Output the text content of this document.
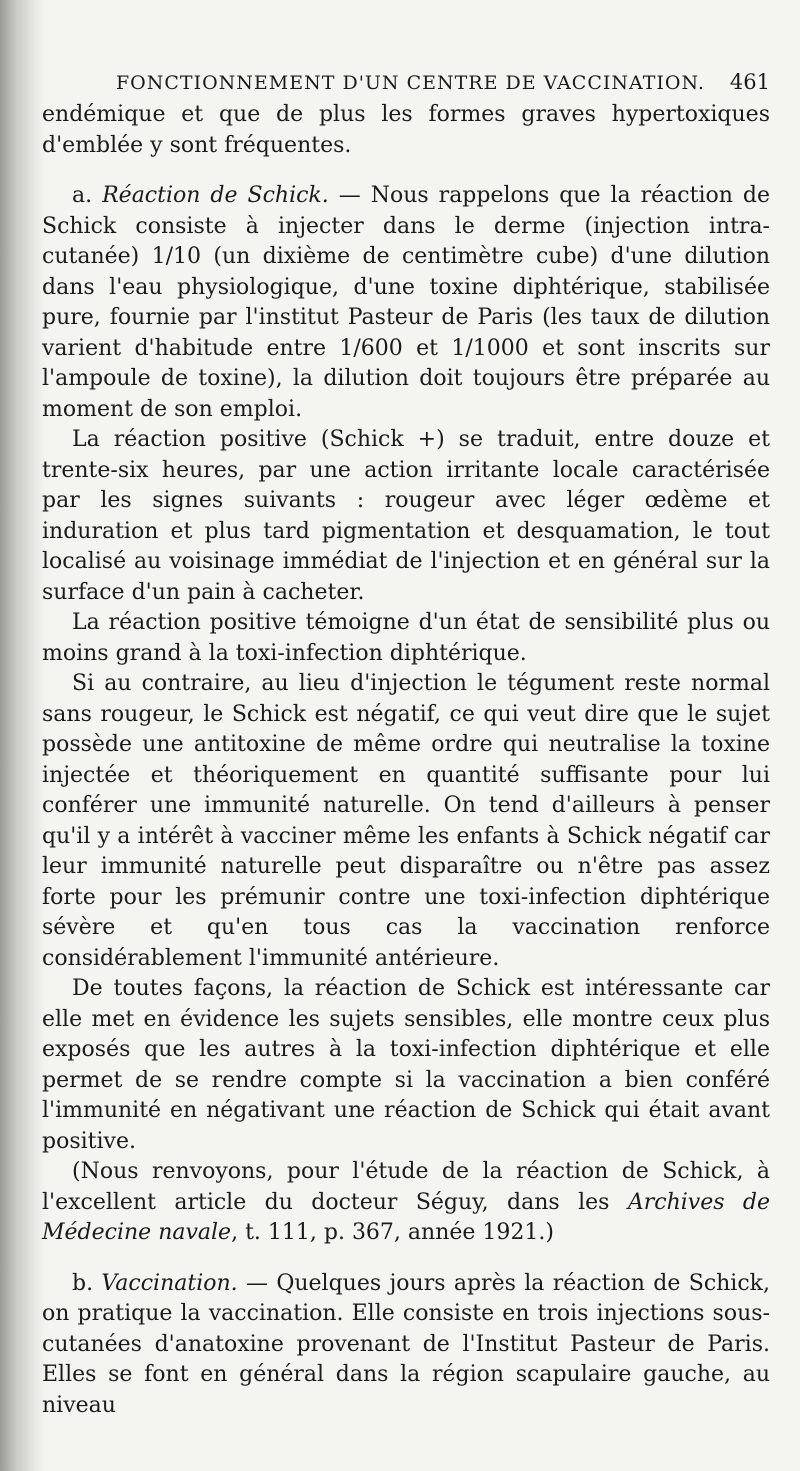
FONCTIONNEMENT D'UN CENTRE DE VACCINATION. 461

endémique et que de plus les formes graves hypertoxiques d'emblée y sont fréquentes.

a. Réaction de Schick. — Nous rappelons que la réaction de Schick consiste à injecter dans le derme (injection intra-cutanée) 1/10 (un dixième de centimètre cube) d'une dilution dans l'eau physiologique, d'une toxine diphtérique, stabilisée pure, fournie par l'institut Pasteur de Paris (les taux de dilution varient d'habitude entre 1/600 et 1/1000 et sont inscrits sur l'ampoule de toxine), la dilution doit toujours être préparée au moment de son emploi.

La réaction positive (Schick +) se traduit, entre douze et trente-six heures, par une action irritante locale caractérisée par les signes suivants : rougeur avec léger œdème et induration et plus tard pigmentation et desquamation, le tout localisé au voisinage immédiat de l'injection et en général sur la surface d'un pain à cacheter.

La réaction positive témoigne d'un état de sensibilité plus ou moins grand à la toxi-infection diphtérique.

Si au contraire, au lieu d'injection le tégument reste normal sans rougeur, le Schick est négatif, ce qui veut dire que le sujet possède une antitoxine de même ordre qui neutralise la toxine injectée et théoriquement en quantité suffisante pour lui conférer une immunité naturelle. On tend d'ailleurs à penser qu'il y a intérêt à vacciner même les enfants à Schick négatif car leur immunité naturelle peut disparaître ou n'être pas assez forte pour les prémunir contre une toxi-infection diphtérique sévère et qu'en tous cas la vaccination renforce considérablement l'immunité antérieure.

De toutes façons, la réaction de Schick est intéressante car elle met en évidence les sujets sensibles, elle montre ceux plus exposés que les autres à la toxi-infection diphtérique et elle permet de se rendre compte si la vaccination a bien conféré l'immunité en négativant une réaction de Schick qui était avant positive.

(Nous renvoyons, pour l'étude de la réaction de Schick, à l'excellent article du docteur Séguy, dans les Archives de Médecine navale, t. 111, p. 367, année 1921.)

b. Vaccination. — Quelques jours après la réaction de Schick, on pratique la vaccination. Elle consiste en trois injections sous-cutanées d'anatoxine provenant de l'Institut Pasteur de Paris. Elles se font en général dans la région scapulaire gauche, au niveau
